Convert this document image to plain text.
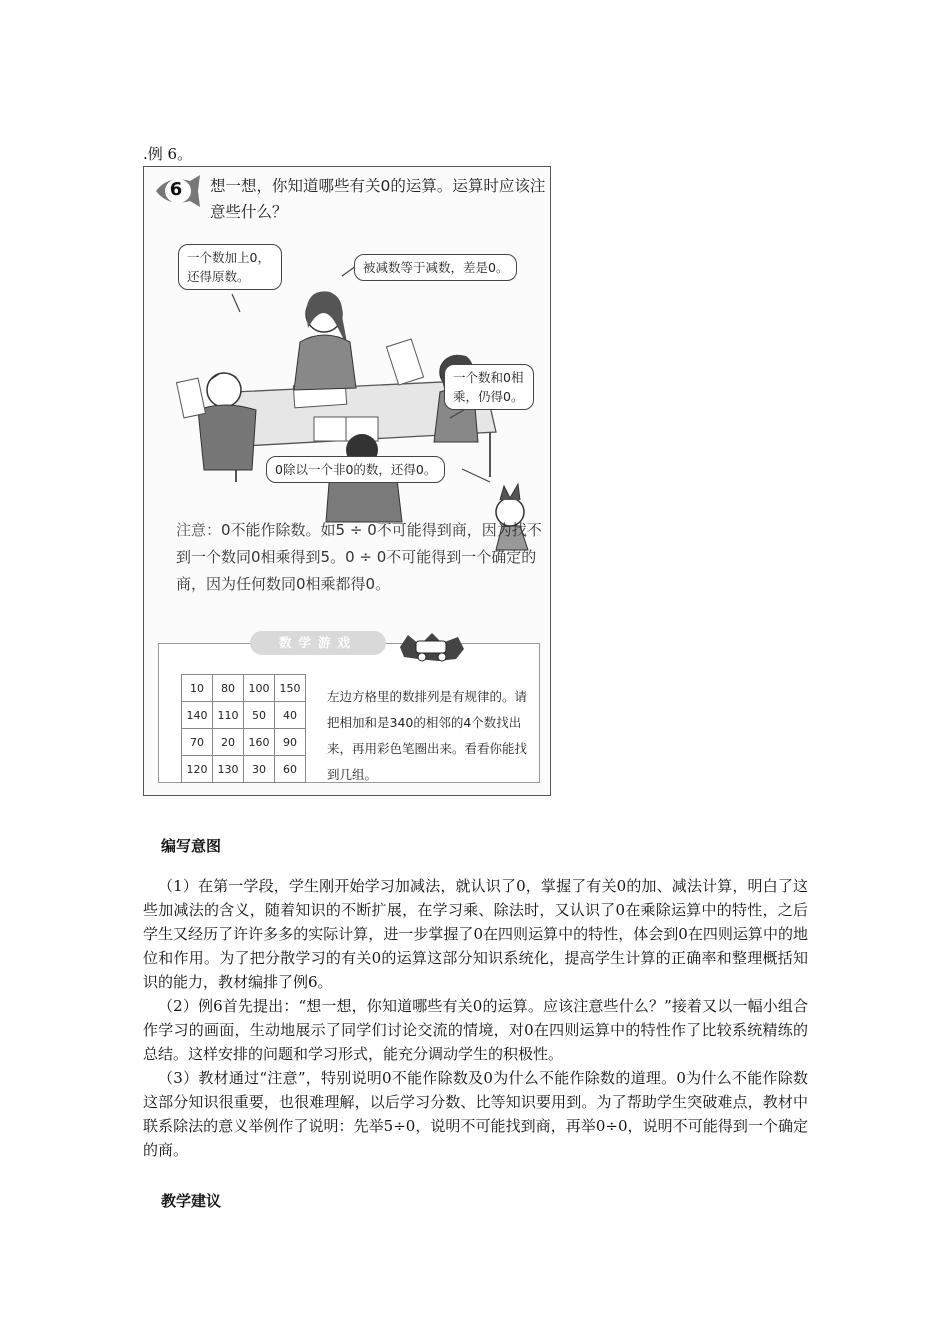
.例 6。
6	想一想，你知道哪些有关0的运算。运算时应该注意些什么？
一个数加上0，还得原数。
被减数等于减数，差是0。
一个数和0相乘，仍得0。
0除以一个非0的数，还得0。
注意：0不能作除数。如5 ÷ 0不可能得到商，因为找不到一个数同0相乘得到5。0 ÷ 0不可能得到一个确定的商，因为任何数同0相乘都得0。
10	80	100	150
140	110	50	40
70	20	160	90
120	130	30	60
左边方格里的数排列是有规律的。请把相加和是340的相邻的4个数找出来，再用彩色笔圈出来。看看你能找到几组。
数学游戏
编写意图

（1）在第一学段，学生刚开始学习加减法，就认识了0，掌握了有关0的加、减法计算，明白了这些加减法的含义，随着知识的不断扩展，在学习乘、除法时，又认识了0在乘除运算中的特性，之后学生又经历了许许多多的实际计算，进一步掌握了0在四则运算中的特性，体会到0在四则运算中的地位和作用。为了把分散学习的有关0的运算这部分知识系统化，提高学生计算的正确率和整理概括知识的能力，教材编排了例6。

（2）例6首先提出：“想一想，你知道哪些有关0的运算。应该注意些什么？”接着又以一幅小组合作学习的画面，生动地展示了同学们讨论交流的情境，对0在四则运算中的特性作了比较系统精练的总结。这样安排的问题和学习形式，能充分调动学生的积极性。

（3）教材通过“注意”，特别说明0不能作除数及0为什么不能作除数的道理。0为什么不能作除数这部分知识很重要，也很难理解，以后学习分数、比等知识要用到。为了帮助学生突破难点，教材中联系除法的意义举例作了说明：先举5÷0，说明不可能找到商，再举0÷0，说明不可能得到一个确定的商。

教学建议
